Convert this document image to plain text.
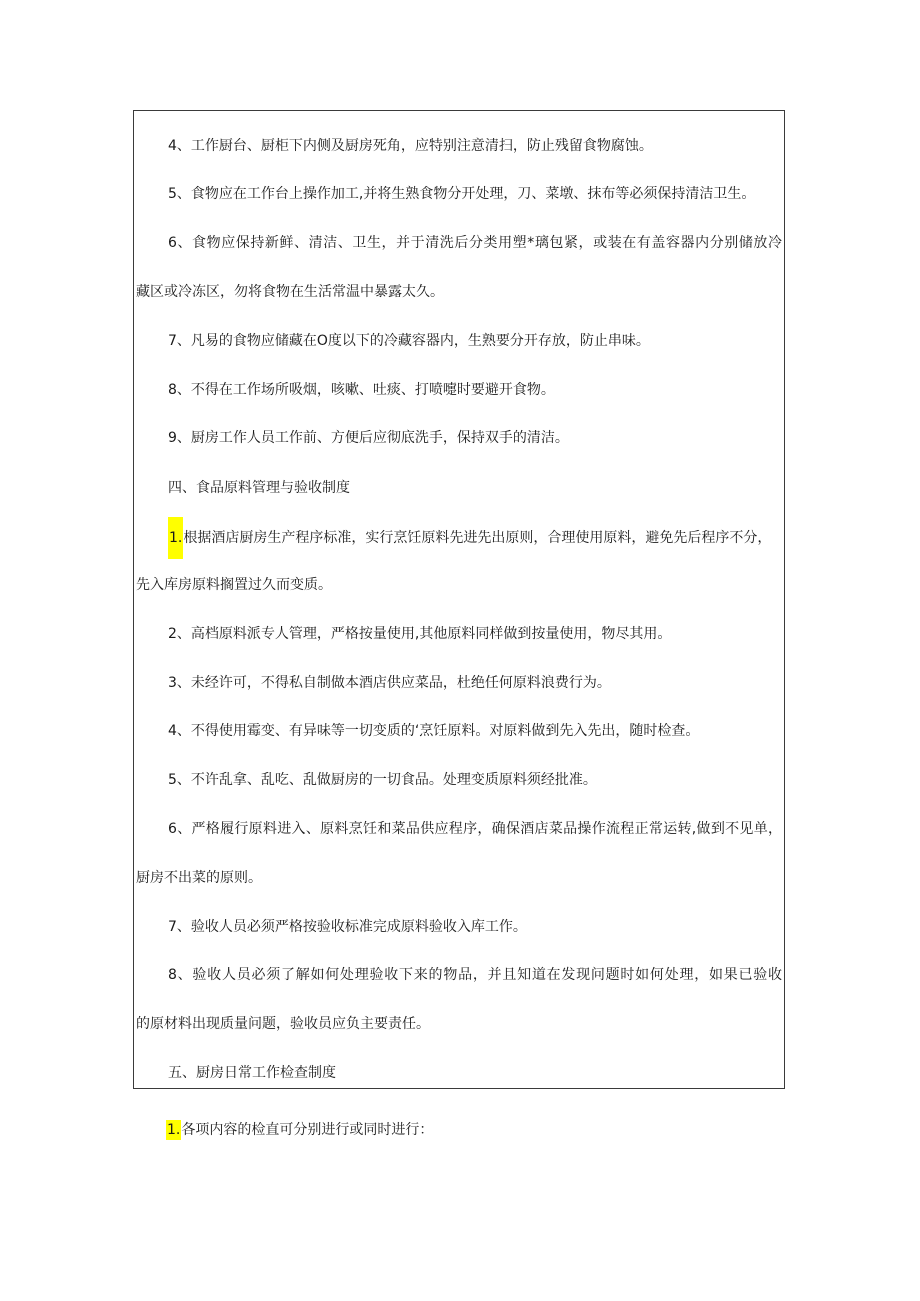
4、工作厨台、厨柜下内侧及厨房死角，应特别注意清扫，防止残留食物腐蚀。
5、食物应在工作台上操作加工,并将生熟食物分开处理，刀、菜墩、抹布等必须保持清洁卫生。
6、食物应保持新鲜、清洁、卫生，并于清洗后分类用塑*璃包紧，或装在有盖容器内分别储放冷
藏区或冷冻区，勿将食物在生活常温中暴露太久。
7、凡易的食物应储藏在O度以下的冷藏容器内，生熟要分开存放，防止串味。
8、不得在工作场所吸烟，咳嗽、吐痰、打喷嚏时要避开食物。
9、厨房工作人员工作前、方便后应彻底洗手，保持双手的清洁。
四、食品原料管理与验收制度
1.根据酒店厨房生产程序标准，实行烹饪原料先进先出原则，合理使用原料，避免先后程序不分，
先入库房原料搁置过久而变质。
2、高档原料派专人管理，严格按量使用,其他原料同样做到按量使用，物尽其用。
3、未经许可，不得私自制做本酒店供应菜品，杜绝任何原料浪费行为。
4、不得使用霉变、有异味等一切变质的‘烹饪原料。对原料做到先入先出，随时检查。
5、不许乱拿、乱吃、乱做厨房的一切食品。处理变质原料须经批准。
6、严格履行原料进入、原料烹饪和菜品供应程序，确保酒店菜品操作流程正常运转,做到不见单，
厨房不出菜的原则。
7、验收人员必须严格按验收标准完成原料验收入库工作。
8、验收人员必须了解如何处理验收下来的物品，并且知道在发现问题时如何处理，如果已验收
的原材料出现质量问题，验收员应负主要责任。
五、厨房日常工作检查制度
1.各项内容的检直可分别进行或同时进行：
